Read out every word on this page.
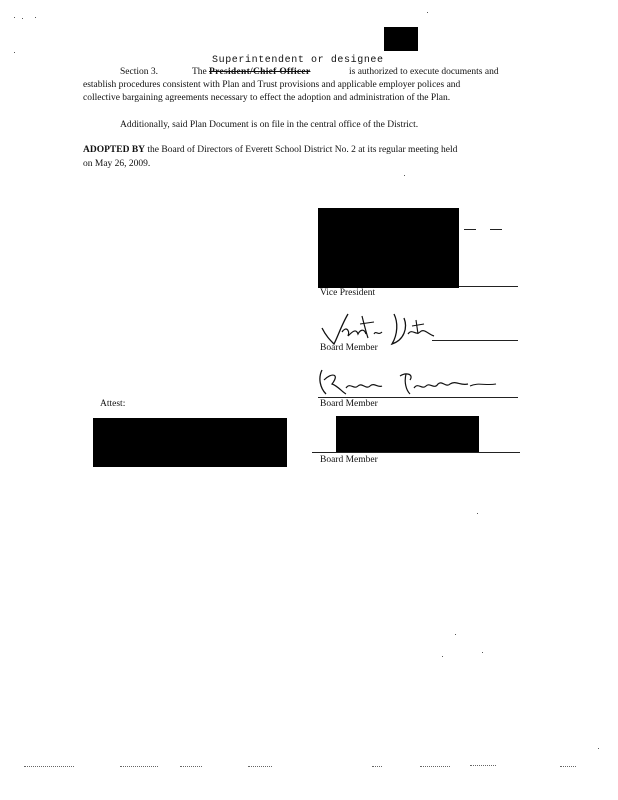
Superintendent or designee
Section 3.	The President/Chief Officer	is authorized to execute documents and
establish procedures consistent with Plan and Trust provisions and applicable employer polices and
collective bargaining agreements necessary to effect the adoption and administration of the Plan.
Additionally, said Plan Document is on file in the central office of the District.
ADOPTED BY the Board of Directors of Everett School District No. 2 at its regular meeting held
on May 26, 2009.
Vice President
Board Member
Board Member
Attest:
Board Member
